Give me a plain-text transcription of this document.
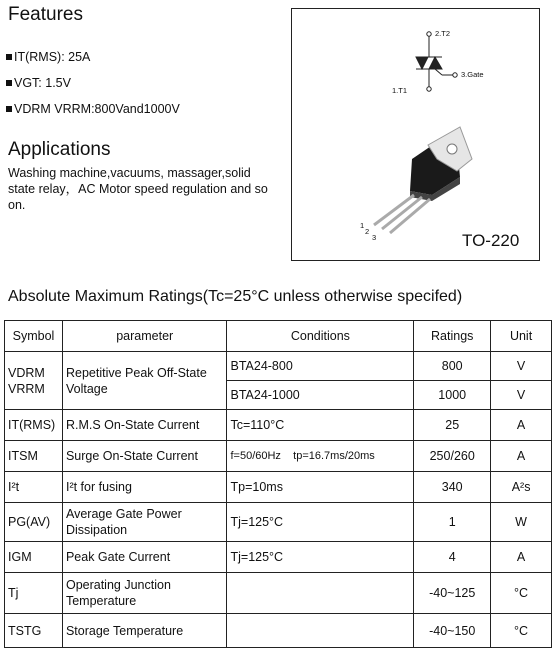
Features
IT(RMS): 25A
VGT: 1.5V
VDRM VRRM:800Vand1000V
Applications
Washing machine,vacuums, massager,solid state relay，AC Motor speed regulation and so on.
2.T2
3.Gate
1.T1
1
2
3	TO-220
Absolute Maximum Ratings(Tc=25°C unless otherwise specifed)
Symbol	parameter	Conditions	Ratings	Unit
VDRM
VRRM	Repetitive Peak Off-State Voltage	BTA24-800	800	V
		BTA24-1000	1000	V
IT(RMS)	R.M.S On-State Current	Tc=110°C	25	A
ITSM	Surge On-State Current	f=50/60Hz    tp=16.7ms/20ms	250/260	A
I²t	I²t for fusing	Tp=10ms	340	A²s
PG(AV)	Average Gate Power Dissipation	Tj=125°C	1	W
IGM	Peak Gate Current	Tj=125°C	4	A
Tj	Operating Junction Temperature		-40~125	°C
TSTG	Storage Temperature		-40~150	°C
